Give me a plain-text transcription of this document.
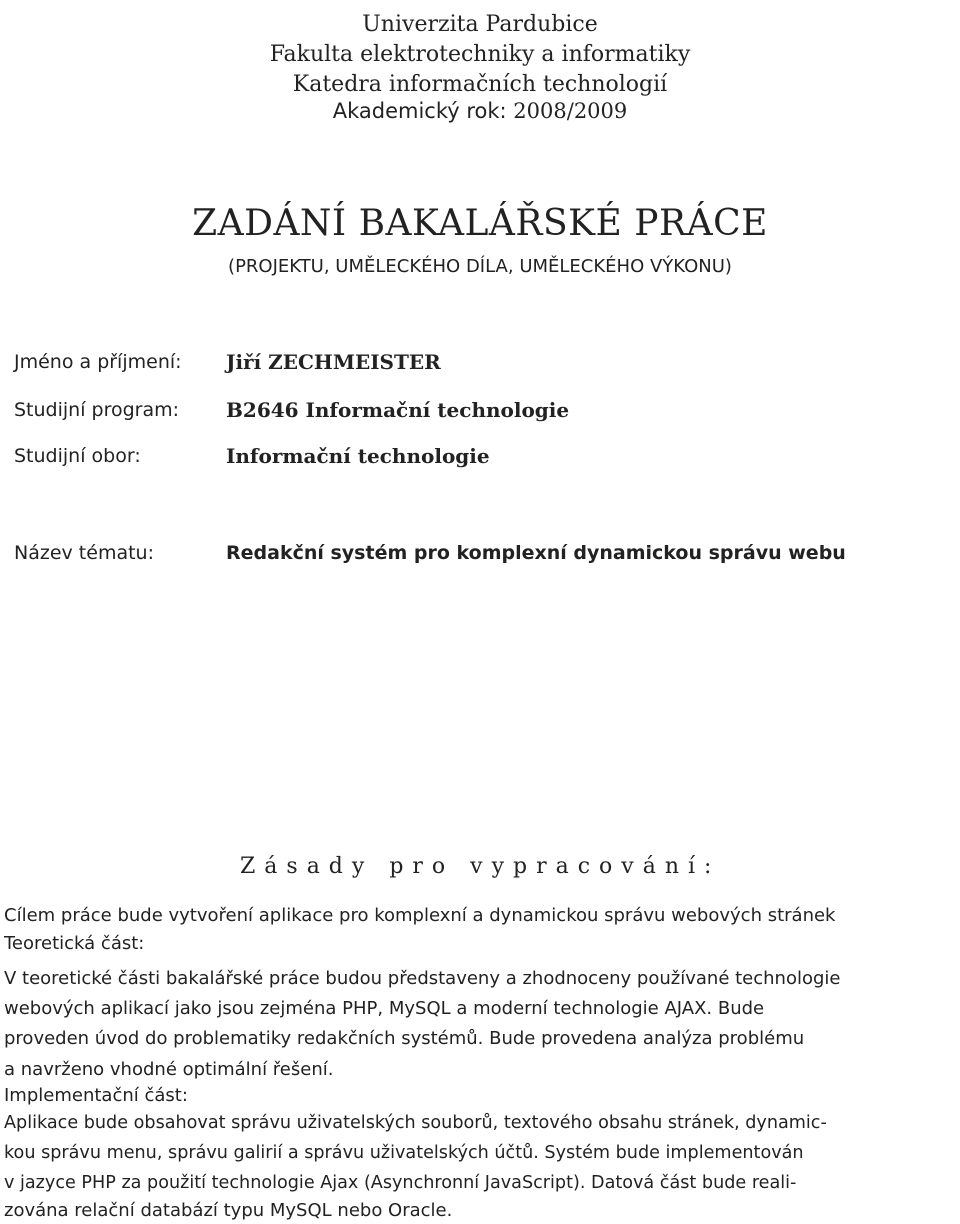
Univerzita Pardubice
Fakulta elektrotechniky a informatiky
Katedra informačních technologií
Akademický rok: 2008/2009
ZADÁNÍ BAKALÁŘSKÉ PRÁCE
(PROJEKTU, UMĚLECKÉHO DÍLA, UMĚLECKÉHO VÝKONU)
Jméno a příjmení: Jiří ZECHMEISTER
Studijní program: B2646 Informační technologie
Studijní obor:	Informační technologie
Název tématu:	Redakční systém pro komplexní dynamickou správu webu
Zásady pro vypracování:
Cílem práce bude vytvoření aplikace pro komplexní a dynamickou správu webových stránek
Teoretická část:
V teoretické části bakalářské práce budou představeny a zhodnoceny používané technologie
webových aplikací jako jsou zejména PHP, MySQL a moderní technologie AJAX. Bude
proveden úvod do problematiky redakčních systémů. Bude provedena analýza problému
a navrženo vhodné optimální řešení.
Implementační část:
Aplikace bude obsahovat správu uživatelských souborů, textového obsahu stránek, dynamic-
kou správu menu, správu galirií a správu uživatelských účtů. Systém bude implementován
v jazyce PHP za použití technologie Ajax (Asynchronní JavaScript). Datová část bude reali-
zována relační databází typu MySQL nebo Oracle.
